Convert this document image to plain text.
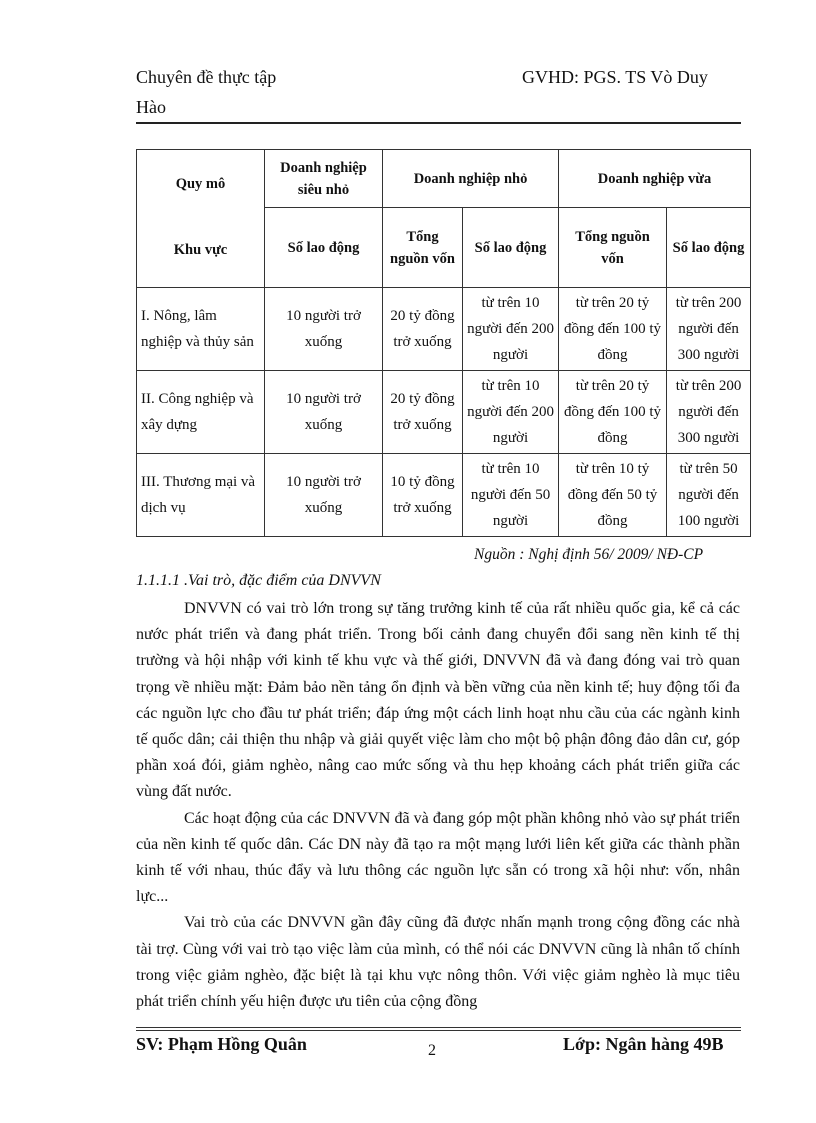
Chuyên đề thực tập
Hào
GVHD: PGS. TS Vò Duy
Quy mô
Khu vực	Doanh nghiệp siêu nhỏ	Doanh nghiệp nhỏ		Doanh nghiệp vừa	
	Số lao động	Tổng nguồn vốn	Số lao động	Tổng nguồn vốn	Số lao động
I. Nông, lâm nghiệp và thủy sản	10 người trở xuống	20 tỷ đồng trở xuống	từ trên 10 người đến 200 người	từ trên 20 tỷ đồng đến 100 tỷ đồng	từ trên 200 người đến 300 người
II. Công nghiệp và xây dựng	10 người trở xuống	20 tỷ đồng trở xuống	từ trên 10 người đến 200 người	từ trên 20 tỷ đồng đến 100 tỷ đồng	từ trên 200 người đến 300 người
III. Thương mại và dịch vụ	10 người trở xuống	10 tỷ đồng trở xuống	từ trên 10 người đến 50 người	từ trên 10 tỷ đồng đến 50 tỷ đồng	từ trên 50 người đến 100 người
Nguồn : Nghị định 56/ 2009/ NĐ-CP
1.1.1.1 .Vai trò, đặc điểm của DNVVN

DNVVN có vai trò lớn trong sự tăng trưởng kinh tế của rất nhiều quốc gia, kể cả các nước phát triển và đang phát triển. Trong bối cảnh đang chuyển đổi sang nền kinh tế thị trường và hội nhập với kinh tế khu vực và thế giới, DNVVN đã và đang đóng vai trò quan trọng về nhiều mặt: Đảm bảo nền tảng ổn định và bền vững của nền kinh tế; huy động tối đa các nguồn lực cho đầu tư phát triển; đáp ứng một cách linh hoạt nhu cầu của các ngành kinh tế quốc dân; cải thiện thu nhập và giải quyết việc làm cho một bộ phận đông đảo dân cư, góp phần xoá đói, giảm nghèo, nâng cao mức sống và thu hẹp khoảng cách phát triển giữa các vùng đất nước.

Các hoạt động của các DNVVN đã và đang góp một phần không nhỏ vào sự phát triển của nền kinh tế quốc dân. Các DN này đã tạo ra một mạng lưới liên kết giữa các thành phần kinh tế với nhau, thúc đẩy và lưu thông các nguồn lực sẵn có trong xã hội như: vốn, nhân lực...

Vai trò của các DNVVN gần đây cũng đã được nhấn mạnh trong cộng đồng các nhà tài trợ. Cùng với vai trò tạo việc làm của mình, có thể nói các DNVVN cũng là nhân tố chính trong việc giảm nghèo, đặc biệt là tại khu vực nông thôn. Với việc giảm nghèo là mục tiêu phát triển chính yếu hiện được ưu tiên của cộng đồng

SV: Phạm Hồng Quân	2	Lớp: Ngân hàng 49B
